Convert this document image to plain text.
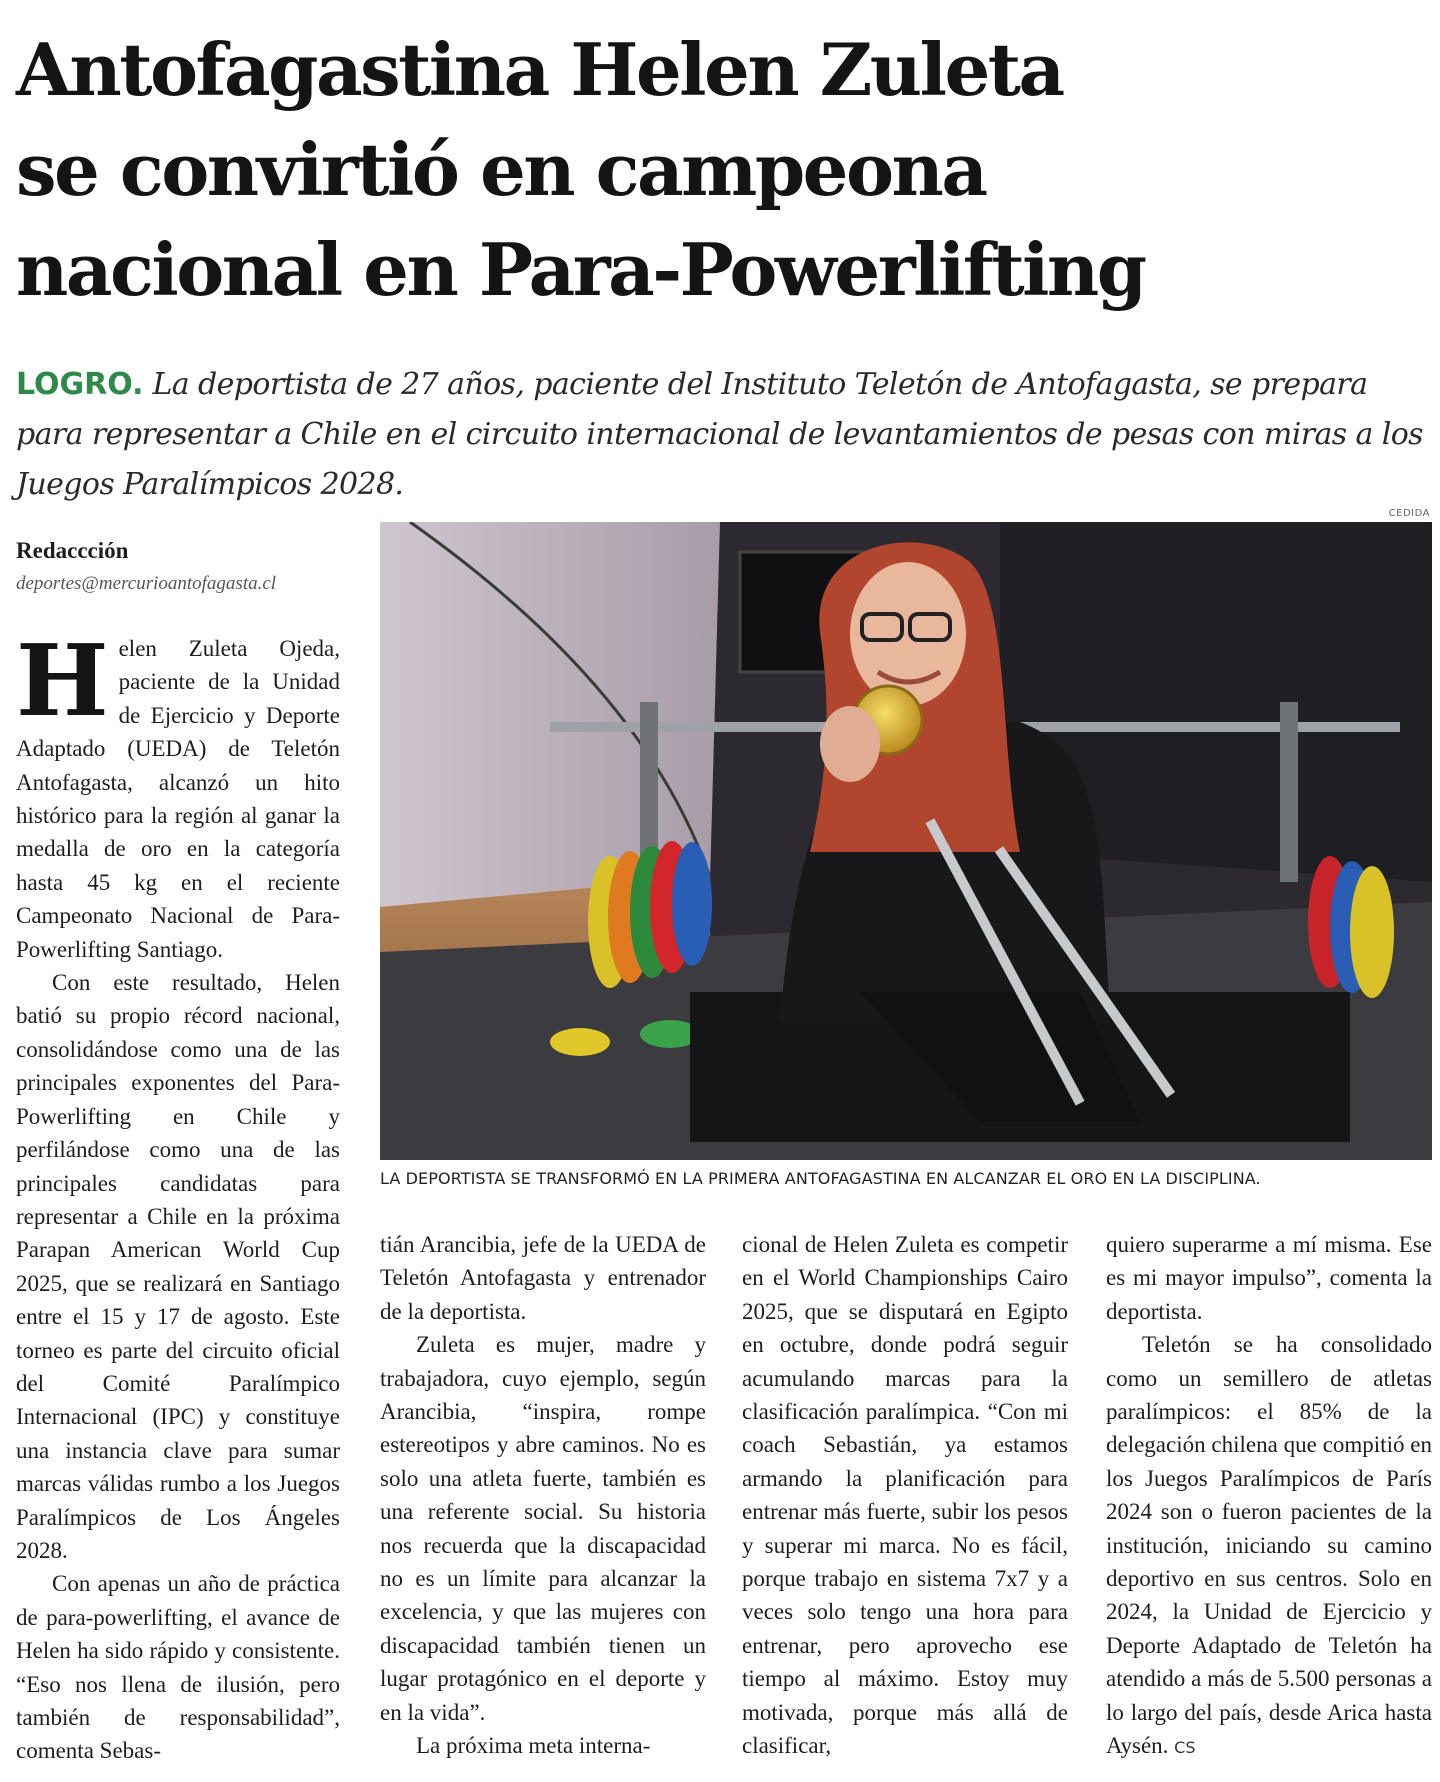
Antofagastina Helen Zuleta
se convirtió en campeona
nacional en Para-Powerlifting

LOGRO. La deportista de 27 años, paciente del Instituto Teletón de Antofagasta, se prepara para representar a Chile en el circuito internacional de levantamientos de pesas con miras a los Juegos Paralímpicos 2028.

Redaccción
deportes@mercurioantofagasta.cl
CEDIDA
LA DEPORTISTA SE TRANSFORMÓ EN LA PRIMERA ANTOFAGASTINA EN ALCANZAR EL ORO EN LA DISCIPLINA.

Helen Zuleta Ojeda, paciente de la Unidad de Ejercicio y Deporte Adaptado (UEDA) de Teletón Antofagasta, alcanzó un hito histórico para la región al ganar la medalla de oro en la categoría hasta 45 kg en el reciente Campeonato Nacional de Para-Powerlifting Santiago.

Con este resultado, Helen batió su propio récord nacional, consolidándose como una de las principales exponentes del Para-Powerlifting en Chile y perfilándose como una de las principales candidatas para representar a Chile en la próxima Parapan American World Cup 2025, que se realizará en Santiago entre el 15 y 17 de agosto. Este torneo es parte del circuito oficial del Comité Paralímpico Internacional (IPC) y constituye una instancia clave para sumar marcas válidas rumbo a los Juegos Paralímpicos de Los Ángeles 2028.

Con apenas un año de práctica de para-powerlifting, el avance de Helen ha sido rápido y consistente. “Eso nos llena de ilusión, pero también de responsabilidad”, comenta Sebas-

tián Arancibia, jefe de la UEDA de Teletón Antofagasta y entrenador de la deportista.

Zuleta es mujer, madre y trabajadora, cuyo ejemplo, según Arancibia, “inspira, rompe estereotipos y abre caminos. No es solo una atleta fuerte, también es una referente social. Su historia nos recuerda que la discapacidad no es un límite para alcanzar la excelencia, y que las mujeres con discapacidad también tienen un lugar protagónico en el deporte y en la vida”.

La próxima meta interna-

cional de Helen Zuleta es competir en el World Championships Cairo 2025, que se disputará en Egipto en octubre, donde podrá seguir acumulando marcas para la clasificación paralímpica. “Con mi coach Sebastián, ya estamos armando la planificación para entrenar más fuerte, subir los pesos y superar mi marca. No es fácil, porque trabajo en sistema 7x7 y a veces solo tengo una hora para entrenar, pero aprovecho ese tiempo al máximo. Estoy muy motivada, porque más allá de clasificar,

quiero superarme a mí misma. Ese es mi mayor impulso”, comenta la deportista.

Teletón se ha consolidado como un semillero de atletas paralímpicos: el 85% de la delegación chilena que compitió en los Juegos Paralímpicos de París 2024 son o fueron pacientes de la institución, iniciando su camino deportivo en sus centros. Solo en 2024, la Unidad de Ejercicio y Deporte Adaptado de Teletón ha atendido a más de 5.500 personas a lo largo del país, desde Arica hasta Aysén. CS
